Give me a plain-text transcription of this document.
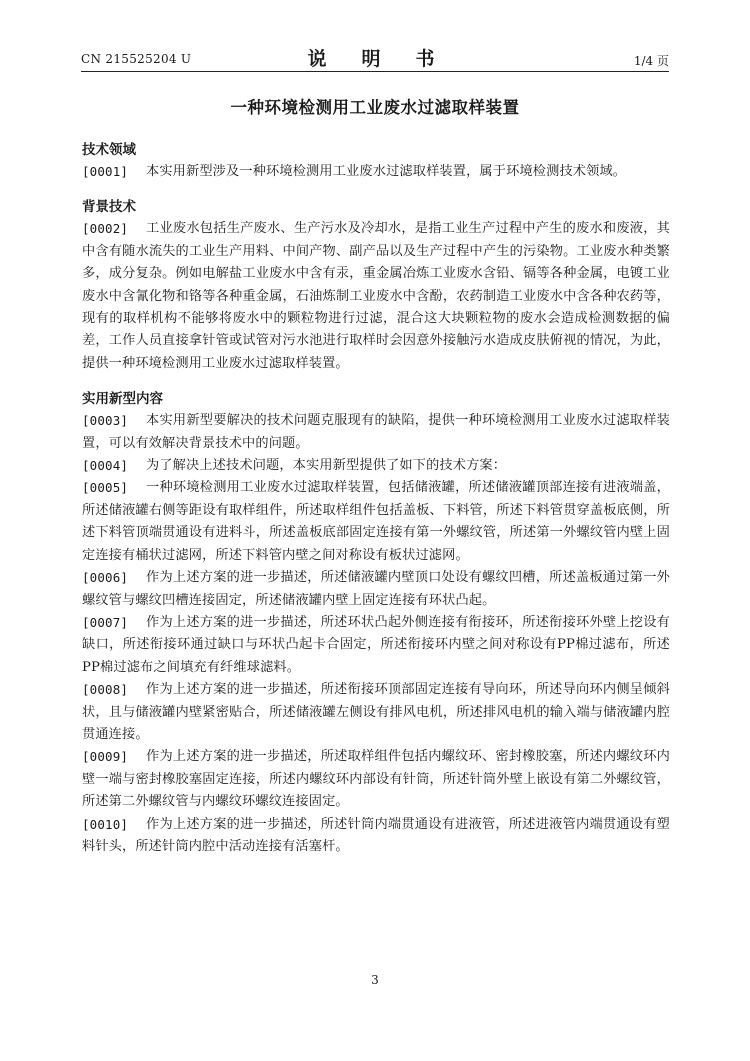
CN 215525204 U	说　明　书	1/4 页
一种环境检测用工业废水过滤取样装置
技术领域
[0001] 本实用新型涉及一种环境检测用工业废水过滤取样装置，属于环境检测技术领域。
背景技术
[0002] 工业废水包括生产废水、生产污水及冷却水，是指工业生产过程中产生的废水和废液，其中含有随水流失的工业生产用料、中间产物、副产品以及生产过程中产生的污染物。工业废水种类繁多，成分复杂。例如电解盐工业废水中含有汞，重金属冶炼工业废水含铅、镉等各种金属，电镀工业废水中含氰化物和铬等各种重金属，石油炼制工业废水中含酚，农药制造工业废水中含各种农药等，现有的取样机构不能够将废水中的颗粒物进行过滤，混合这大块颗粒物的废水会造成检测数据的偏差，工作人员直接拿针管或试管对污水池进行取样时会因意外接触污水造成皮肤俯视的情况，为此，提供一种环境检测用工业废水过滤取样装置。
实用新型内容
[0003] 本实用新型要解决的技术问题克服现有的缺陷，提供一种环境检测用工业废水过滤取样装置，可以有效解决背景技术中的问题。
[0004] 为了解决上述技术问题，本实用新型提供了如下的技术方案：
[0005] 一种环境检测用工业废水过滤取样装置，包括储液罐，所述储液罐顶部连接有进液端盖，所述储液罐右侧等距设有取样组件，所述取样组件包括盖板、下料管，所述下料管贯穿盖板底侧，所述下料管顶端贯通设有进料斗，所述盖板底部固定连接有第一外螺纹管，所述第一外螺纹管内壁上固定连接有桶状过滤网，所述下料管内壁之间对称设有板状过滤网。
[0006] 作为上述方案的进一步描述，所述储液罐内壁顶口处设有螺纹凹槽，所述盖板通过第一外螺纹管与螺纹凹槽连接固定，所述储液罐内壁上固定连接有环状凸起。
[0007] 作为上述方案的进一步描述，所述环状凸起外侧连接有衔接环，所述衔接环外壁上挖设有缺口，所述衔接环通过缺口与环状凸起卡合固定，所述衔接环内壁之间对称设有PP棉过滤布，所述PP棉过滤布之间填充有纤维球滤料。
[0008] 作为上述方案的进一步描述，所述衔接环顶部固定连接有导向环，所述导向环内侧呈倾斜状，且与储液罐内壁紧密贴合，所述储液罐左侧设有排风电机，所述排风电机的输入端与储液罐内腔贯通连接。
[0009] 作为上述方案的进一步描述，所述取样组件包括内螺纹环、密封橡胶塞，所述内螺纹环内壁一端与密封橡胶塞固定连接，所述内螺纹环内部设有针筒，所述针筒外壁上嵌设有第二外螺纹管，所述第二外螺纹管与内螺纹环螺纹连接固定。
[0010] 作为上述方案的进一步描述，所述针筒内端贯通设有进液管，所述进液管内端贯通设有塑料针头，所述针筒内腔中活动连接有活塞杆。
3
